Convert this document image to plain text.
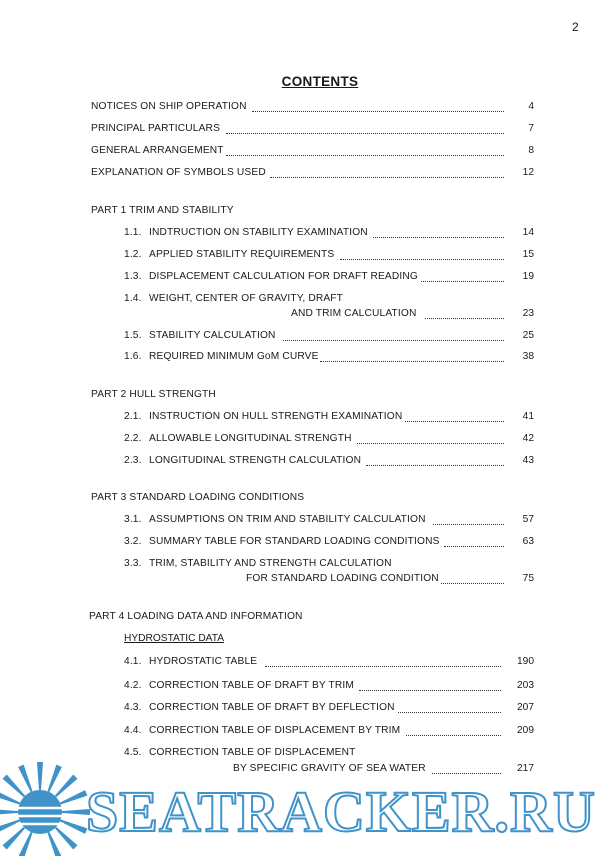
2
CONTENTS
NOTICES ON SHIP OPERATION	4
PRINCIPAL PARTICULARS	7
GENERAL ARRANGEMENT	8
EXPLANATION OF SYMBOLS USED	12
PART 1 TRIM AND STABILITY
1.1. INDTRUCTION ON STABILITY EXAMINATION	14
1.2. APPLIED STABILITY REQUIREMENTS	15
1.3. DISPLACEMENT CALCULATION FOR DRAFT READING	19
1.4. WEIGHT, CENTER OF GRAVITY, DRAFT
AND TRIM CALCULATION	23
1.5. STABILITY CALCULATION	25
1.6. REQUIRED MINIMUM GoM CURVE	38
PART 2 HULL STRENGTH
2.1. INSTRUCTION ON HULL STRENGTH EXAMINATION	41
2.2. ALLOWABLE LONGITUDINAL STRENGTH	42
2.3. LONGITUDINAL STRENGTH CALCULATION	43
PART 3 STANDARD LOADING CONDITIONS
3.1. ASSUMPTIONS ON TRIM AND STABILITY CALCULATION	57
3.2. SUMMARY TABLE FOR STANDARD LOADING CONDITIONS	63
3.3. TRIM, STABILITY AND STRENGTH CALCULATION
FOR STANDARD LOADING CONDITION	75
PART 4 LOADING DATA AND INFORMATION
HYDROSTATIC DATA
4.1. HYDROSTATIC TABLE	190
4.2. CORRECTION TABLE OF DRAFT BY TRIM	203
4.3. CORRECTION TABLE OF DRAFT BY DEFLECTION	207
4.4. CORRECTION TABLE OF DISPLACEMENT BY TRIM	209
4.5. CORRECTION TABLE OF DISPLACEMENT
BY SPECIFIC GRAVITY OF SEA WATER	217
SEATRACKER.RU
